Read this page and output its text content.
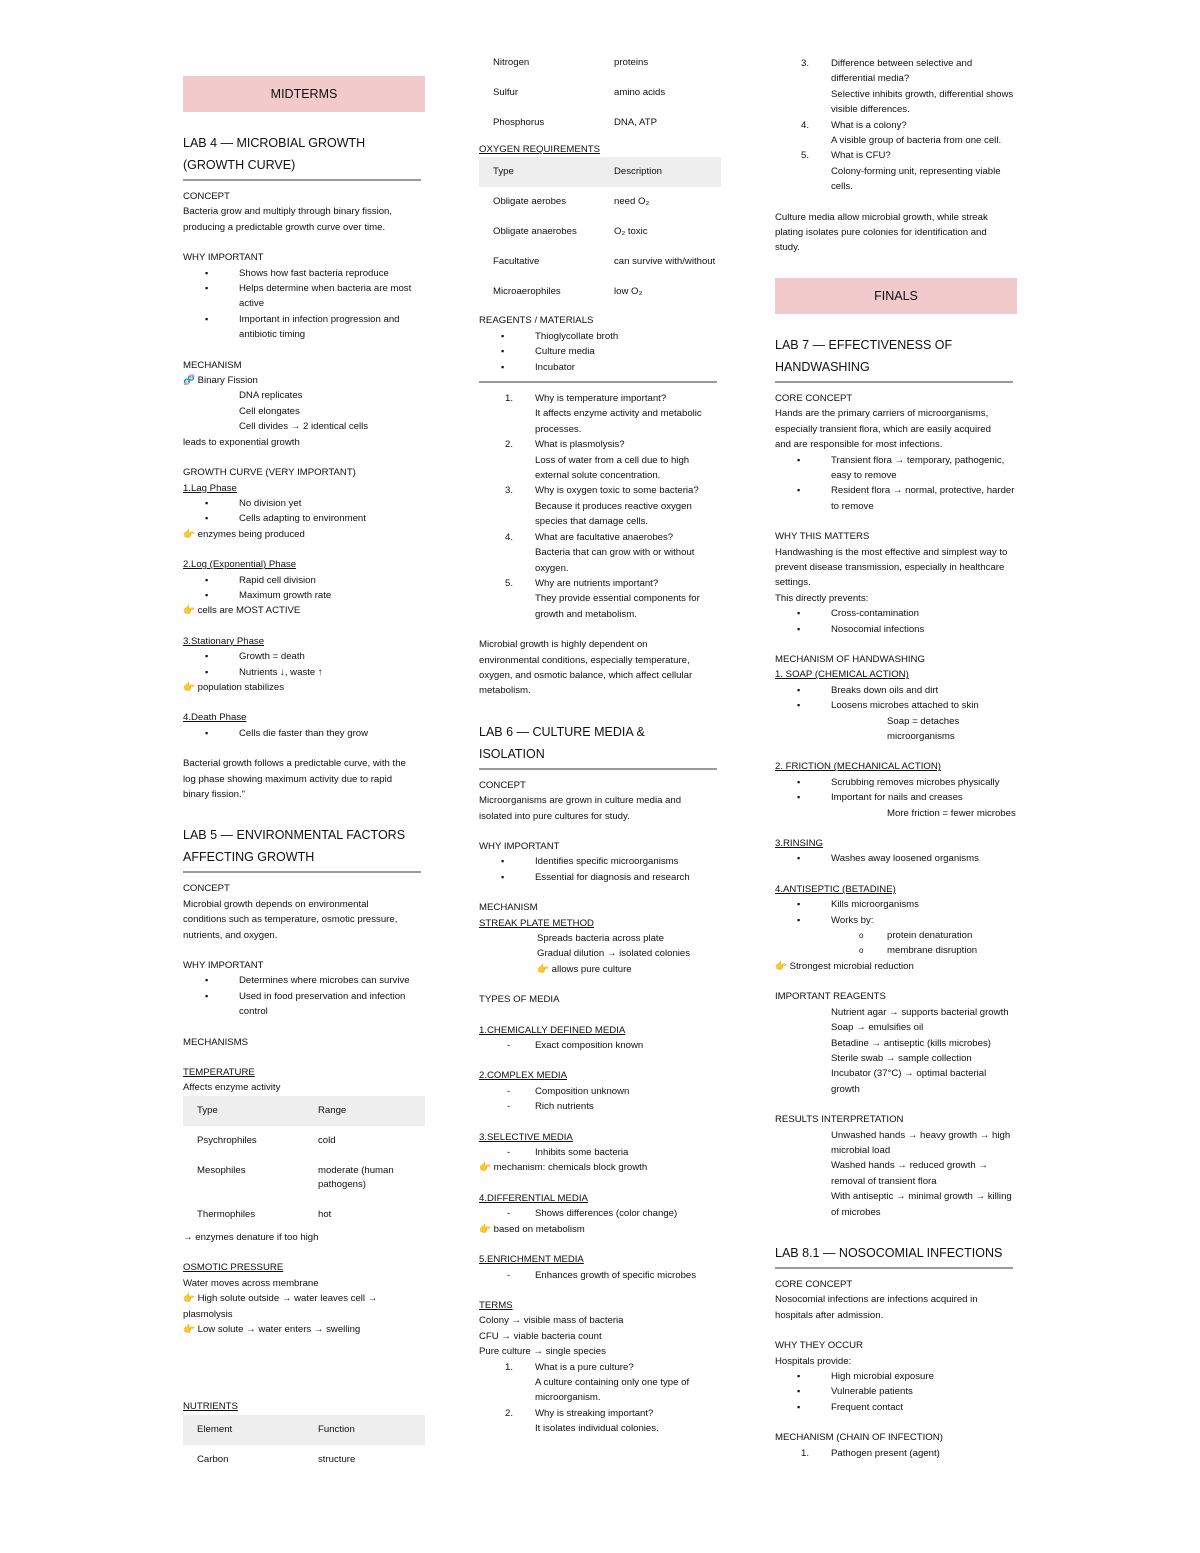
MIDTERMS
LAB 4 — MICROBIAL GROWTH
(GROWTH CURVE)
CONCEPT
Bacteria grow and multiply through binary fission,
producing a predictable growth curve over time.
WHY IMPORTANT
▪ Shows how fast bacteria reproduce
▪ Helps determine when bacteria are most active
▪ Important in infection progression and antibiotic timing
MECHANISM
🧬 Binary Fission
DNA replicates
Cell elongates
Cell divides → 2 identical cells
leads to exponential growth
GROWTH CURVE (VERY IMPORTANT)
1.Lag Phase
▪ No division yet
▪ Cells adapting to environment
👉 enzymes being produced
2.Log (Exponential) Phase
▪ Rapid cell division
▪ Maximum growth rate
👉 cells are MOST ACTIVE
3.Stationary Phase
▪ Growth = death
▪ Nutrients ↓, waste ↑
👉 population stabilizes
4.Death Phase
▪ Cells die faster than they grow
Bacterial growth follows a predictable curve, with the
log phase showing maximum activity due to rapid
binary fission."
LAB 5 — ENVIRONMENTAL FACTORS
AFFECTING GROWTH
CONCEPT
Microbial growth depends on environmental
conditions such as temperature, osmotic pressure,
nutrients, and oxygen.
WHY IMPORTANT
▪ Determines where microbes can survive
▪ Used in food preservation and infection control
MECHANISMS
TEMPERATURE
Affects enzyme activity
Type	Range
Psychrophiles	cold
Mesophiles	moderate (human pathogens)
Thermophiles	hot
→ enzymes denature if too high
OSMOTIC PRESSURE
Water moves across membrane
👉 High solute outside → water leaves cell →
plasmolysis
👉 Low solute → water enters → swelling
NUTRIENTS
Element	Function
Carbon	structure
Nitrogen	proteins
Sulfur	amino acids
Phosphorus	DNA, ATP
OXYGEN REQUIREMENTS
Type	Description
Obligate aerobes	need O₂
Obligate anaerobes	O₂ toxic
Facultative	can survive with/without
Microaerophiles	low O₂
REAGENTS / MATERIALS
▪ Thioglycollate broth
▪ Culture media
▪ Incubator
1. Why is temperature important?
It affects enzyme activity and metabolic processes.
2. What is plasmolysis?
Loss of water from a cell due to high external solute concentration.
3. Why is oxygen toxic to some bacteria?
Because it produces reactive oxygen species that damage cells.
4. What are facultative anaerobes?
Bacteria that can grow with or without oxygen.
5. Why are nutrients important?
They provide essential components for growth and metabolism.
Microbial growth is highly dependent on
environmental conditions, especially temperature,
oxygen, and osmotic balance, which affect cellular
metabolism.
LAB 6 — CULTURE MEDIA &
ISOLATION
CONCEPT
Microorganisms are grown in culture media and
isolated into pure cultures for study.
WHY IMPORTANT
▪ Identifies specific microorganisms
▪ Essential for diagnosis and research
MECHANISM
STREAK PLATE METHOD
Spreads bacteria across plate
Gradual dilution → isolated colonies
👉 allows pure culture
TYPES OF MEDIA
1.CHEMICALLY DEFINED MEDIA
- Exact composition known
2.COMPLEX MEDIA
- Composition unknown
- Rich nutrients
3.SELECTIVE MEDIA
- Inhibits some bacteria
👉 mechanism: chemicals block growth
4.DIFFERENTIAL MEDIA
- Shows differences (color change)
👉 based on metabolism
5.ENRICHMENT MEDIA
- Enhances growth of specific microbes
TERMS
Colony → visible mass of bacteria
CFU → viable bacteria count
Pure culture → single species
1. What is a pure culture?
A culture containing only one type of microorganism.
2. Why is streaking important?
It isolates individual colonies.
3. Difference between selective and differential media?
Selective inhibits growth, differential shows visible differences.
4. What is a colony?
A visible group of bacteria from one cell.
5. What is CFU?
Colony-forming unit, representing viable cells.
Culture media allow microbial growth, while streak
plating isolates pure colonies for identification and
study.
FINALS
LAB 7 — EFFECTIVENESS OF
HANDWASHING
CORE CONCEPT
Hands are the primary carriers of microorganisms,
especially transient flora, which are easily acquired
and are responsible for most infections.
▪ Transient flora → temporary, pathogenic, easy to remove
▪ Resident flora → normal, protective, harder to remove
WHY THIS MATTERS
Handwashing is the most effective and simplest way to
prevent disease transmission, especially in healthcare
settings.
This directly prevents:
▪ Cross-contamination
▪ Nosocomial infections
MECHANISM OF HANDWASHING
1. SOAP (CHEMICAL ACTION)
▪ Breaks down oils and dirt
▪ Loosens microbes attached to skin
Soap = detaches microorganisms
2. FRICTION (MECHANICAL ACTION)
▪ Scrubbing removes microbes physically
▪ Important for nails and creases
More friction = fewer microbes
3.RINSING
▪ Washes away loosened organisms
4.ANTISEPTIC (BETADINE)
▪ Kills microorganisms
▪ Works by:
o protein denaturation
o membrane disruption
👉 Strongest microbial reduction
IMPORTANT REAGENTS
Nutrient agar → supports bacterial growth
Soap → emulsifies oil
Betadine → antiseptic (kills microbes)
Sterile swab → sample collection
Incubator (37°C) → optimal bacterial growth
RESULTS INTERPRETATION
Unwashed hands → heavy growth → high microbial load
Washed hands → reduced growth → removal of transient flora
With antiseptic → minimal growth → killing of microbes
LAB 8.1 — NOSOCOMIAL INFECTIONS
CORE CONCEPT
Nosocomial infections are infections acquired in
hospitals after admission.
WHY THEY OCCUR
Hospitals provide:
▪ High microbial exposure
▪ Vulnerable patients
▪ Frequent contact
MECHANISM (CHAIN OF INFECTION)
1. Pathogen present (agent)
